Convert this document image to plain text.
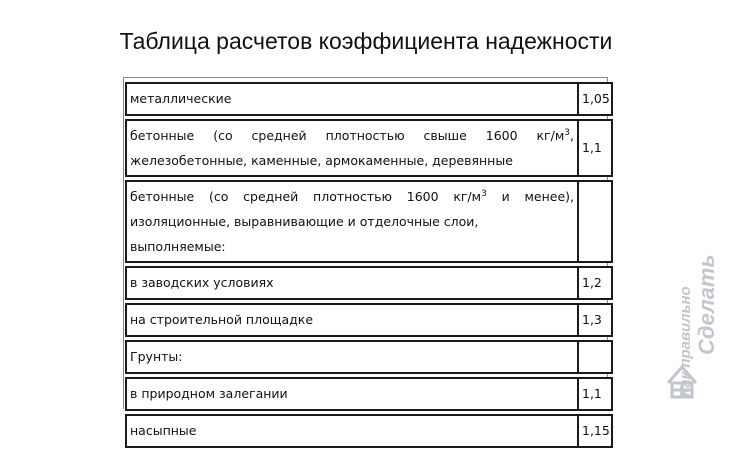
Таблица расчетов коэффициента надежности
металлические	1,05

бетонные (со средней плотностью свыше 1600 $кг/м^3$,
железобетонные, каменные, армокаменные, деревянные	1,1

бетонные (со средней плотностью 1600 $кг/м^3$ и менее),
изоляционные, выравнивающие и отделочные слои, выполняемые:	

в заводских условиях	1,2
на строительной площадке	1,3
Грунты:	
в природном залегании	1,1
насыпные	1,15
Как правильно Сделать
